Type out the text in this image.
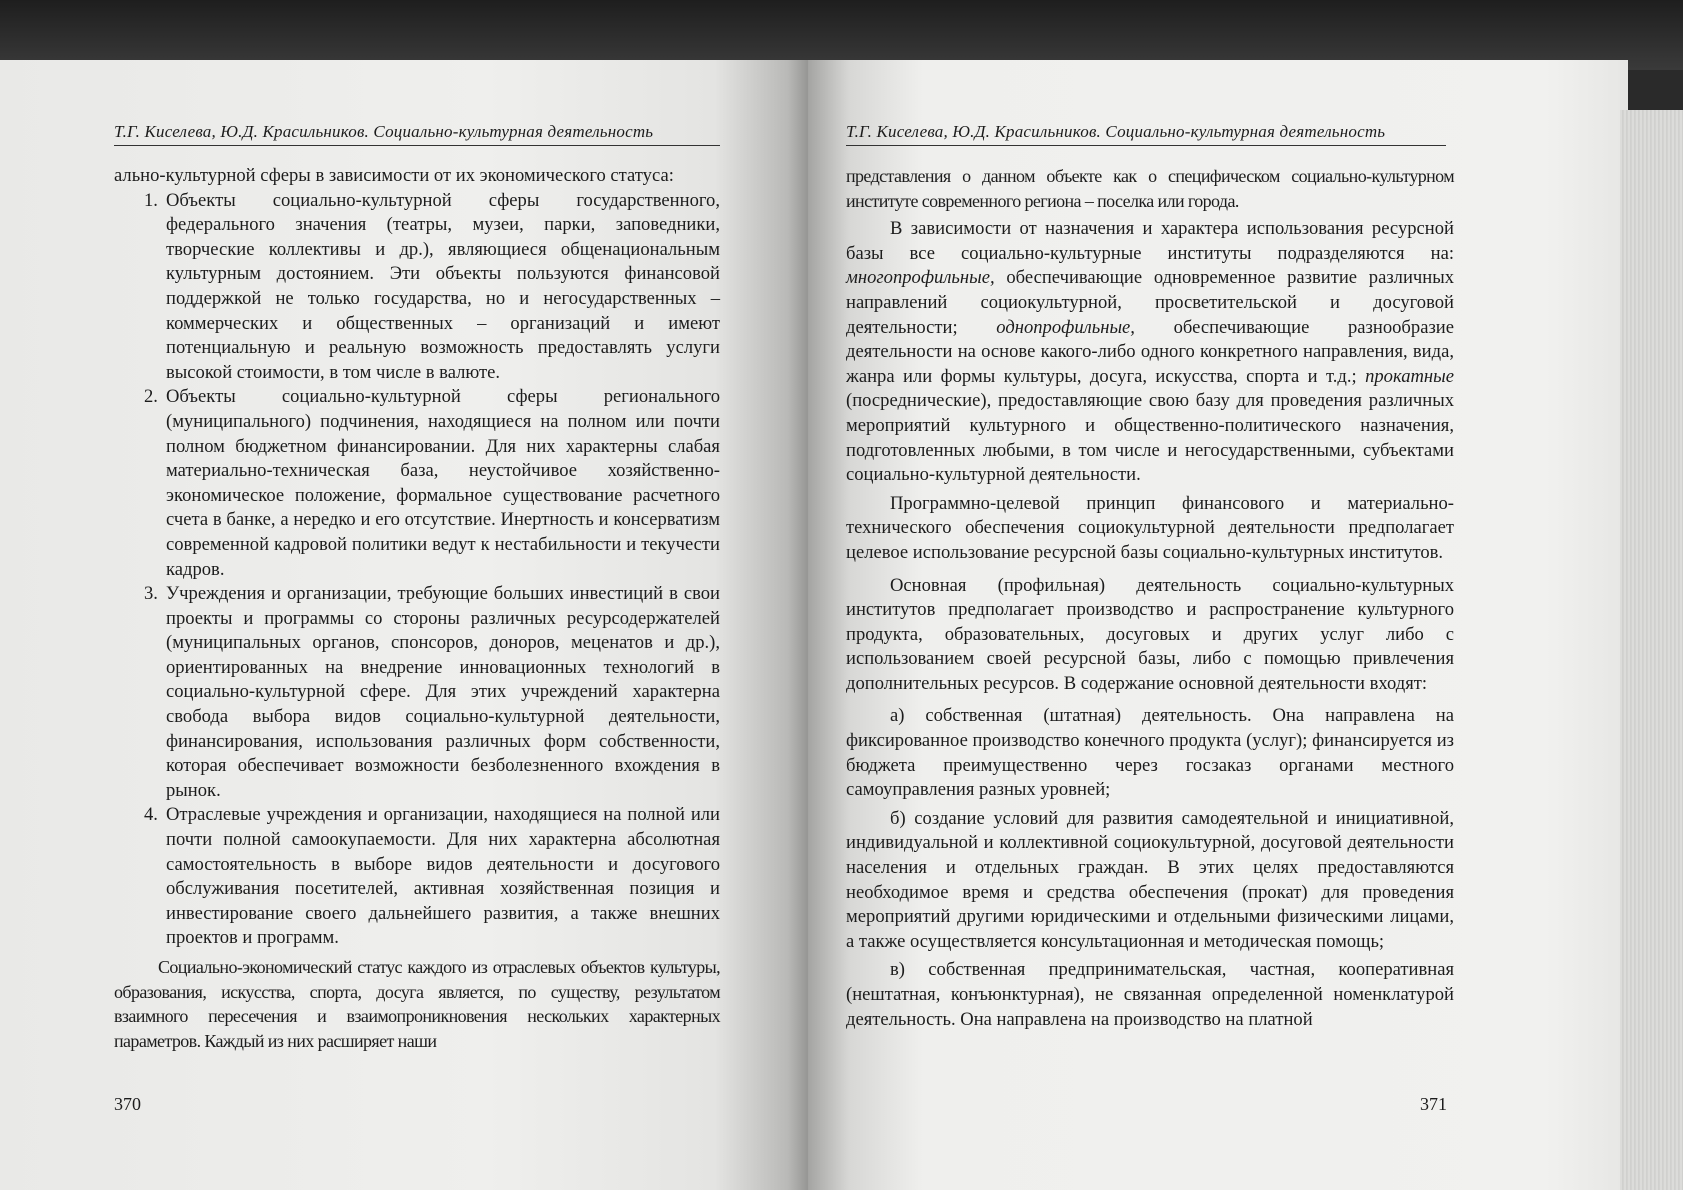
Т.Г. Киселева, Ю.Д. Красильников. Социально-культурная деятельность

ально-культурной сферы в зависимости от их экономического статуса:

1. Объекты социально-культурной сферы государственного, федерального значения (театры, музеи, парки, заповедники, творческие коллективы и др.), являющиеся общенациональным культурным достоянием. Эти объекты пользуются финансовой поддержкой не только государства, но и негосударственных – коммерческих и общественных – организаций и имеют потенциальную и реальную возможность предоставлять услуги высокой стоимости, в том числе в валюте.
2. Объекты социально-культурной сферы регионального (муниципального) подчинения, находящиеся на полном или почти полном бюджетном финансировании. Для них характерны слабая материально-техническая база, неустойчивое хозяйственно-экономическое положение, формальное существование расчетного счета в банке, а нередко и его отсутствие. Инертность и консерватизм современной кадровой политики ведут к нестабильности и текучести кадров.
3. Учреждения и организации, требующие больших инвестиций в свои проекты и программы со стороны различных ресурсодержателей (муниципальных органов, спонсоров, доноров, меценатов и др.), ориентированных на внедрение инновационных технологий в социально-культурной сфере. Для этих учреждений характерна свобода выбора видов социально-культурной деятельности, финансирования, использования различных форм собственности, которая обеспечивает возможности безболезненного вхождения в рынок.
4. Отраслевые учреждения и организации, находящиеся на полной или почти полной самоокупаемости. Для них характерна абсолютная самостоятельность в выборе видов деятельности и досугового обслуживания посетителей, активная хозяйственная позиция и инвестирование своего дальнейшего развития, а также внешних проектов и программ.

Социально-экономический статус каждого из отраслевых объектов культуры, образования, искусства, спорта, досуга является, по существу, результатом взаимного пересечения и взаимопроникновения нескольких характерных параметров. Каждый из них расширяет наши

370
Т.Г. Киселева, Ю.Д. Красильников. Социально-культурная деятельность

представления о данном объекте как о специфическом социально-культурном институте современного региона – поселка или города.

В зависимости от назначения и характера использования ресурсной базы все социально-культурные институты подразделяются на: многопрофильные, обеспечивающие одновременное развитие различных направлений социокультурной, просветительской и досуговой деятельности; однопрофильные, обеспечивающие разнообразие деятельности на основе какого-либо одного конкретного направления, вида, жанра или формы культуры, досуга, искусства, спорта и т.д.; прокатные (посреднические), предоставляющие свою базу для проведения различных мероприятий культурного и общественно-политического назначения, подготовленных любыми, в том числе и негосударственными, субъектами социально-культурной деятельности.

Программно-целевой принцип финансового и материально-технического обеспечения социокультурной деятельности предполагает целевое использование ресурсной базы социально-культурных институтов.

Основная (профильная) деятельность социально-культурных институтов предполагает производство и распространение культурного продукта, образовательных, досуговых и других услуг либо с использованием своей ресурсной базы, либо с помощью привлечения дополнительных ресурсов. В содержание основной деятельности входят:

а) собственная (штатная) деятельность. Она направлена на фиксированное производство конечного продукта (услуг); финансируется из бюджета преимущественно через госзаказ органами местного самоуправления разных уровней;

б) создание условий для развития самодеятельной и инициативной, индивидуальной и коллективной социокультурной, досуговой деятельности населения и отдельных граждан. В этих целях предоставляются необходимое время и средства обеспечения (прокат) для проведения мероприятий другими юридическими и отдельными физическими лицами, а также осуществляется консультационная и методическая помощь;

в) собственная предпринимательская, частная, кооперативная (нештатная, конъюнктурная), не связанная определенной номенклатурой деятельность. Она направлена на производство на платной

371
